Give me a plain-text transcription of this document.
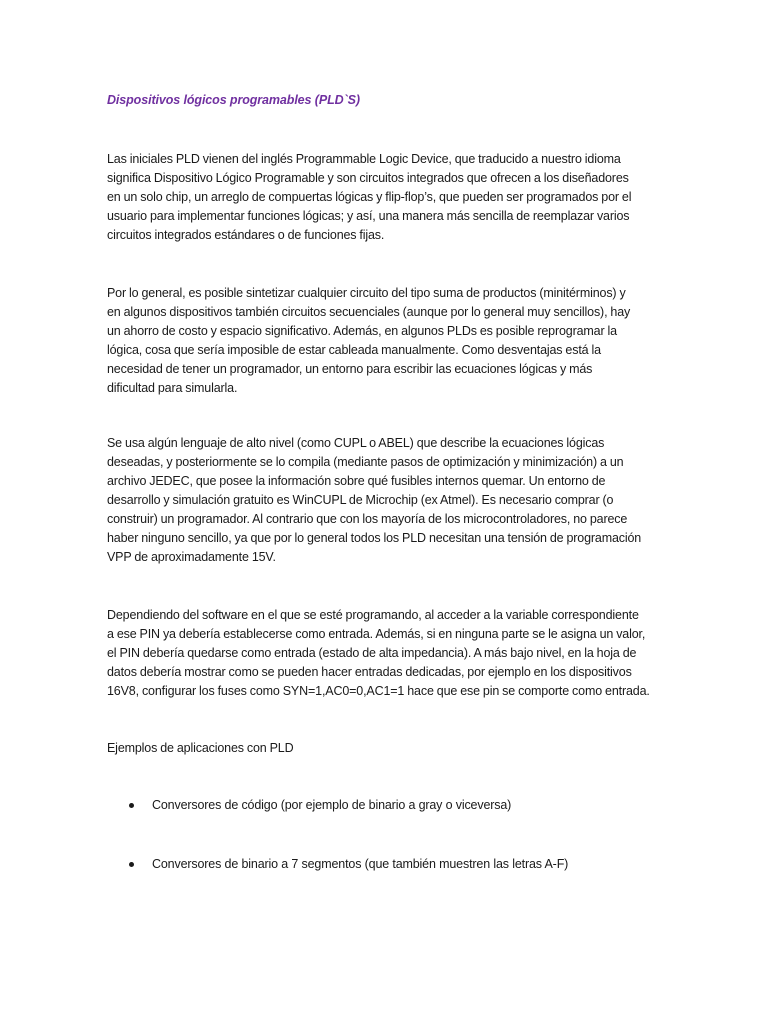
Dispositivos lógicos programables (PLD`S)

Las iniciales PLD vienen del inglés Programmable Logic Device, que traducido a nuestro idioma
significa Dispositivo Lógico Programable y son circuitos integrados que ofrecen a los diseñadores
en un solo chip, un arreglo de compuertas lógicas y flip-flop’s, que pueden ser programados por el
usuario para implementar funciones lógicas; y así, una manera más sencilla de reemplazar varios
circuitos integrados estándares o de funciones fijas.

Por lo general, es posible sintetizar cualquier circuito del tipo suma de productos (minitérminos) y
en algunos dispositivos también circuitos secuenciales (aunque por lo general muy sencillos), hay
un ahorro de costo y espacio significativo. Además, en algunos PLDs es posible reprogramar la
lógica, cosa que sería imposible de estar cableada manualmente. Como desventajas está la
necesidad de tener un programador, un entorno para escribir las ecuaciones lógicas y más
dificultad para simularla.

Se usa algún lenguaje de alto nivel (como CUPL o ABEL) que describe la ecuaciones lógicas
deseadas, y posteriormente se lo compila (mediante pasos de optimización y minimización) a un
archivo JEDEC, que posee la información sobre qué fusibles internos quemar. Un entorno de
desarrollo y simulación gratuito es WinCUPL de Microchip (ex Atmel). Es necesario comprar (o
construir) un programador. Al contrario que con los mayoría de los microcontroladores, no parece
haber ninguno sencillo, ya que por lo general todos los PLD necesitan una tensión de programación
VPP de aproximadamente 15V.

Dependiendo del software en el que se esté programando, al acceder a la variable correspondiente
a ese PIN ya debería establecerse como entrada. Además, si en ninguna parte se le asigna un valor,
el PIN debería quedarse como entrada (estado de alta impedancia). A más bajo nivel, en la hoja de
datos debería mostrar como se pueden hacer entradas dedicadas, por ejemplo en los dispositivos
16V8, configurar los fuses como SYN=1,AC0=0,AC1=1 hace que ese pin se comporte como entrada.

Ejemplos de aplicaciones con PLD

Conversores de código (por ejemplo de binario a gray o viceversa)
Conversores de binario a 7 segmentos (que también muestren las letras A-F)
